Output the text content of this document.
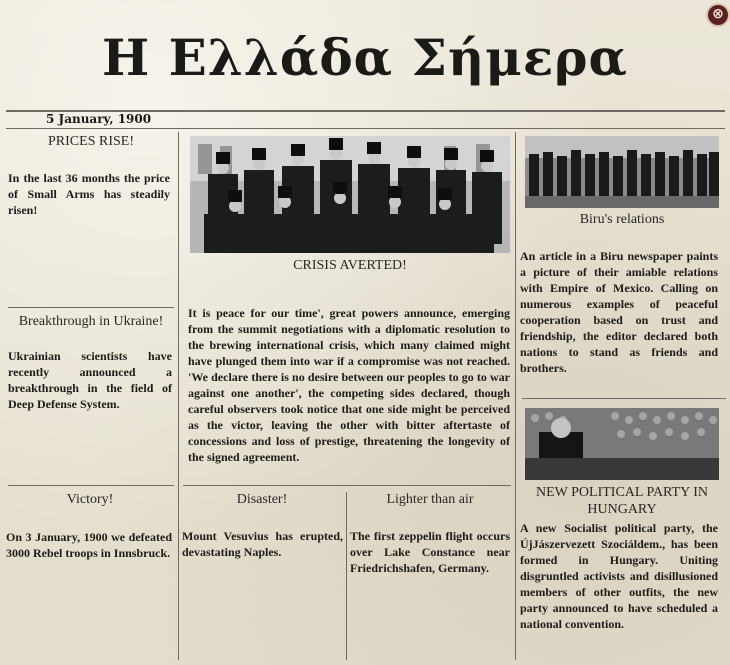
Η Ελλάδα Σήμερα
⊗
5 January, 1900
PRICES RISE!
In the last 36 months the price of Small Arms has steadily risen!
Breakthrough in Ukraine!
Ukrainian scientists have recently announced a breakthrough in the field of Deep Defense System.
Victory!
On 3 January, 1900 we defeated 3000 Rebel troops in Innsbruck.
CRISIS AVERTED!
It is peace for our time', great powers announce, emerging from the summit negotiations with a diplomatic resolution to the brewing international crisis, which many claimed might have plunged them into war if a compromise was not reached. 'We declare there is no desire between our peoples to go to war against one another', the competing sides declared, though careful observers took notice that one side might be perceived as the victor, leaving the other with bitter aftertaste of concessions and loss of prestige, threatening the longevity of the signed agreement.
Disaster!
Mount Vesuvius has erupted, devastating Naples.
Lighter than air
The first zeppelin flight occurs over Lake Constance near Friedrichshafen, Germany.
Biru's relations
An article in a Biru newspaper paints a picture of their amiable relations with Empire of Mexico. Calling on numerous examples of peaceful cooperation based on trust and friendship, the editor declared both nations to stand as friends and brothers.
NEW POLITICAL PARTY IN HUNGARY
A new Socialist political party, the ÚjJászervezett Szociáldem., has been formed in Hungary. Uniting disgruntled activists and disillusioned members of other outfits, the new party announced to have scheduled a national convention.
